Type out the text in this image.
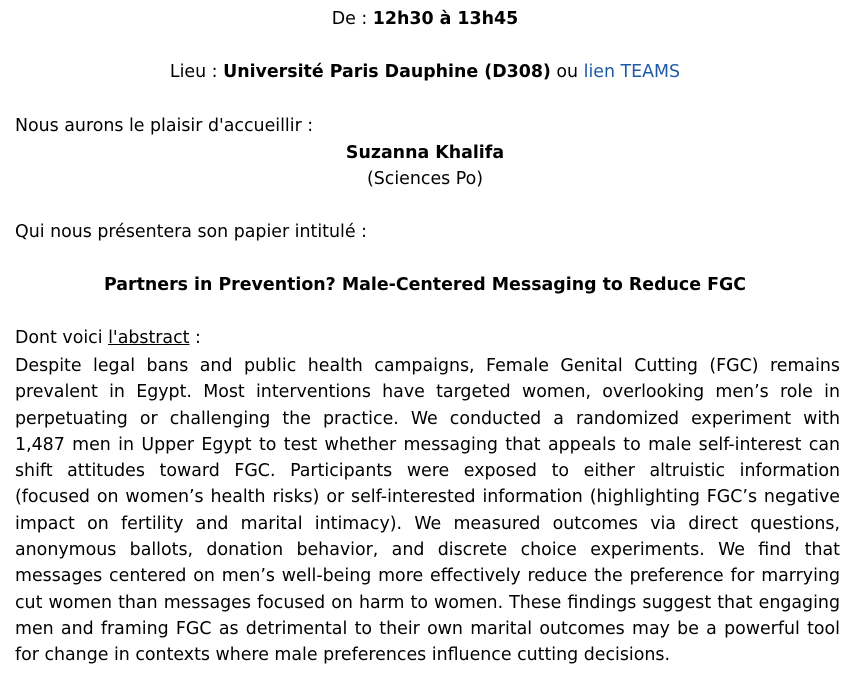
De : 12h30 à 13h45
Lieu : Université Paris Dauphine (D308) ou lien TEAMS
Nous aurons le plaisir d'accueillir :
Suzanna Khalifa
(Sciences Po)
Qui nous présentera son papier intitulé :
Partners in Prevention? Male-Centered Messaging to Reduce FGC
Dont voici l'abstract :
Despite legal bans and public health campaigns, Female Genital Cutting (FGC) remains
prevalent in Egypt. Most interventions have targeted women, overlooking men’s role in
perpetuating or challenging the practice. We conducted a randomized experiment with
1,487 men in Upper Egypt to test whether messaging that appeals to male self-interest can
shift attitudes toward FGC. Participants were exposed to either altruistic information
(focused on women’s health risks) or self-interested information (highlighting FGC’s negative
impact on fertility and marital intimacy). We measured outcomes via direct questions,
anonymous ballots, donation behavior, and discrete choice experiments. We find that
messages centered on men’s well-being more effectively reduce the preference for marrying
cut women than messages focused on harm to women. These findings suggest that engaging
men and framing FGC as detrimental to their own marital outcomes may be a powerful tool
for change in contexts where male preferences influence cutting decisions.
